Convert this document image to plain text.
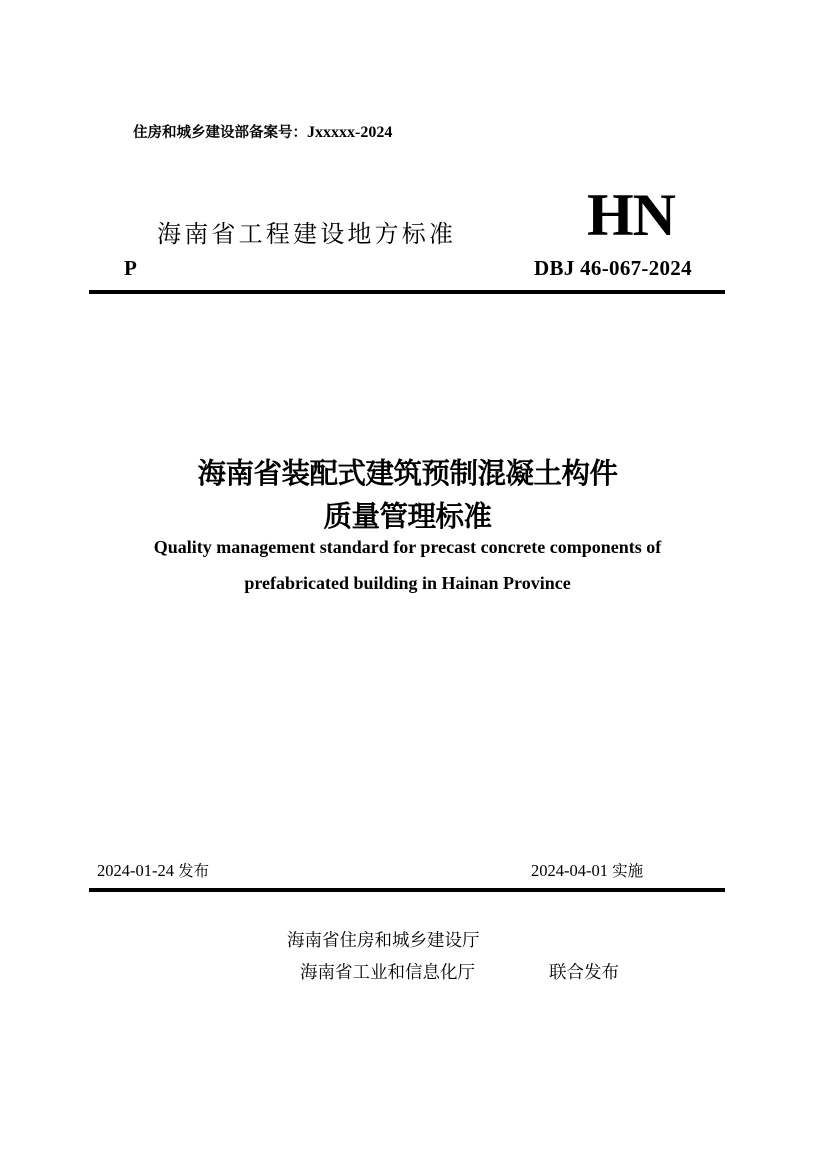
住房和城乡建设部备案号：Jxxxxx-2024
海南省工程建设地方标准 HN
P	DBJ 46-067-2024
海南省装配式建筑预制混凝土构件
质量管理标准
Quality management standard for precast concrete components of
prefabricated building in Hainan Province
2024-01-24 发布	2024-04-01 实施
海南省住房和城乡建设厅
海南省工业和信息化厅	联合发布
